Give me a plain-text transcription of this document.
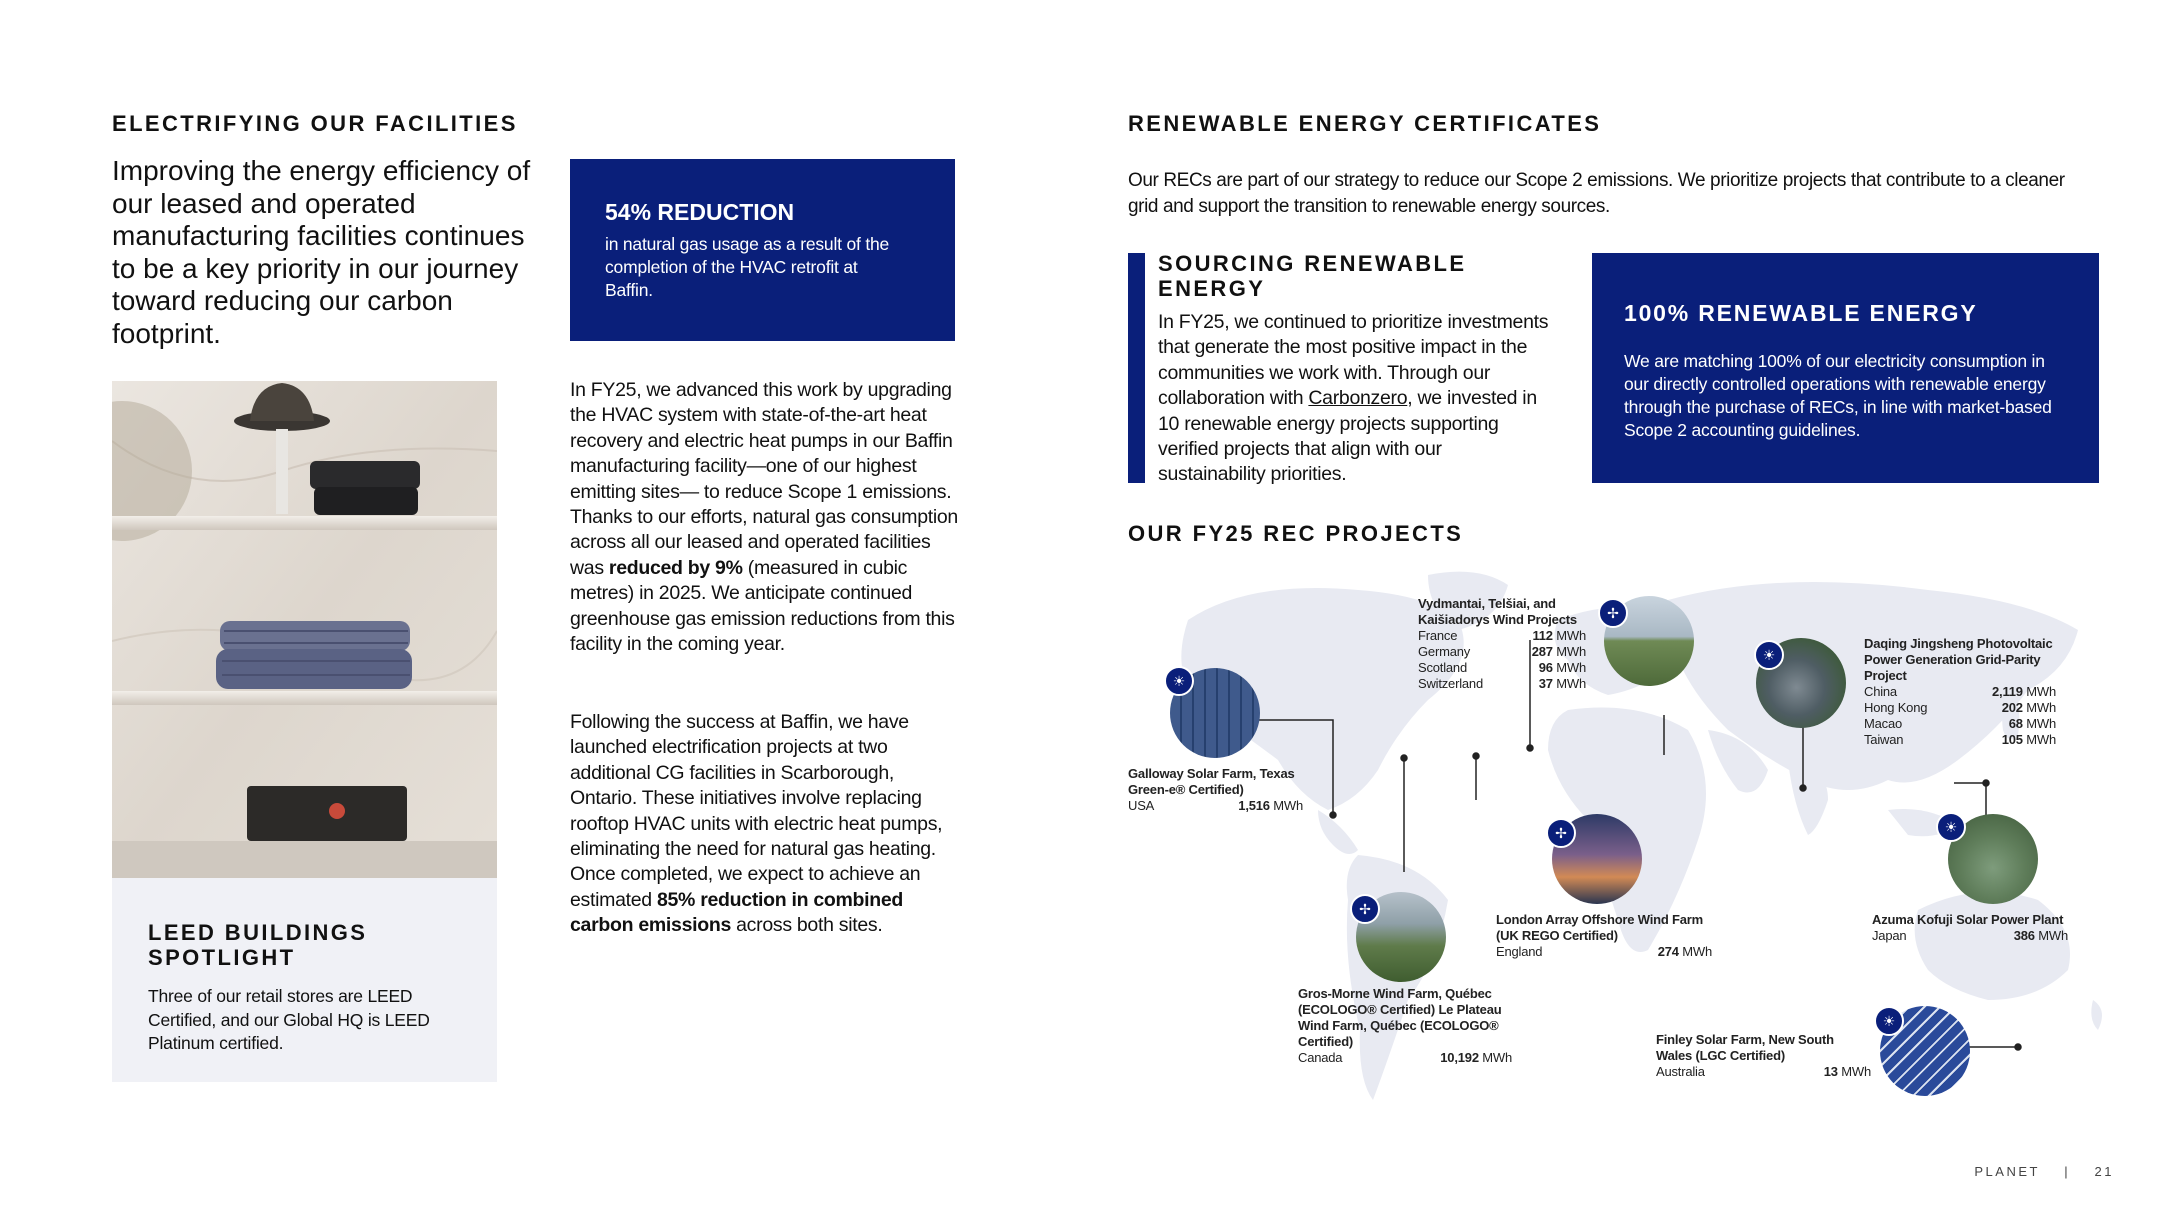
ELECTRIFYING OUR FACILITIES
Improving the energy efficiency of our leased and operated manufacturing facilities continues to be a key priority in our journey toward reducing our carbon footprint.
54% REDUCTION
in natural gas usage as a result of the completion of the HVAC retrofit at Baffin.
In FY25, we advanced this work by upgrading the HVAC system with state-of-the-art heat recovery and electric heat pumps in our Baffin manufacturing facility—one of our highest emitting sites— to reduce Scope 1 emissions. Thanks to our efforts, natural gas consumption across all our leased and operated facilities was reduced by 9% (measured in cubic metres) in 2025. We anticipate continued greenhouse gas emission reductions from this facility in the coming year.
Following the success at Baffin, we have launched electrification projects at two additional CG facilities in Scarborough, Ontario. These initiatives involve replacing rooftop HVAC units with electric heat pumps, eliminating the need for natural gas heating. Once completed, we expect to achieve an estimated 85% reduction in combined carbon emissions across both sites.
LEED BUILDINGS SPOTLIGHT
Three of our retail stores are LEED Certified, and our Global HQ is LEED Platinum certified.
RENEWABLE ENERGY CERTIFICATES
Our RECs are part of our strategy to reduce our Scope 2 emissions. We prioritize projects that contribute to a cleaner grid and support the transition to renewable energy sources.
SOURCING RENEWABLE ENERGY
In FY25, we continued to prioritize investments that generate the most positive impact in the communities we work with. Through our collaboration with Carbonzero, we invested in 10 renewable energy projects supporting verified projects that align with our sustainability priorities.
100% RENEWABLE ENERGY
We are matching 100% of our electricity consumption in our directly controlled operations with renewable energy through the purchase of RECs, in line with market-based Scope 2 accounting guidelines.
OUR FY25 REC PROJECTS
☀
✢
☀
✢	☀
✢
☀
Galloway Solar Farm, Texas Green-e® Certified)
USA	1,516 MWh
Vydmantai, Telšiai, and Kaišiadorys Wind Projects
France	112 MWh
Germany	287 MWh
Scotland	96 MWh
Switzerland	37 MWh
Daqing Jingsheng Photovoltaic Power Generation Grid-Parity Project
China	2,119 MWh
Hong Kong	202 MWh
Macao	68 MWh
Taiwan	105 MWh
London Array Offshore Wind Farm (UK REGO Certified)
England	274 MWh
Azuma Kofuji Solar Power Plant
Japan	386 MWh
Gros-Morne Wind Farm, Québec (ECOLOGO® Certified) Le Plateau Wind Farm, Québec (ECOLOGO® Certified)
Canada	10,192 MWh
Finley Solar Farm, New South Wales (LGC Certified)
Australia	13 MWh
PLANET | 21
